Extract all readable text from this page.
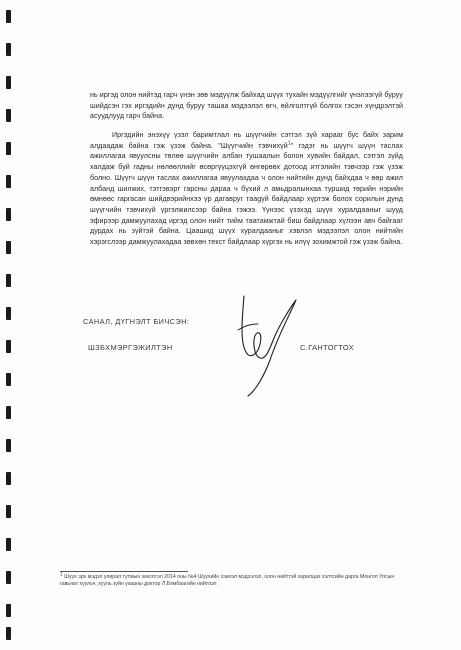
нь иргэд олон нийтэд гарч үнэн зөв мэдүүлж байхад шүүх тухайн мэдүүлгийг үнэлээгүй буруу шийдсэн гэх иргэдийн дунд буруу ташаа мэдээлэл өгч, өйлголтгүй болгох гэсэн хүндрэлтэй асуудлууд гарч байна.

Иргэдийн энэхүү үзэл баримтлал нь шүүгчийн сэтгэл зүй харааг бус байх зарим алдаадаж байна гэж үзэж байна. "Шүүгчийн тэвчихүй$^1$" гэдэг нь шүүгч шүүн таслах ажиллагаа явуулсны төлөө шүүгчийн албан тушаалын болон хувийн байдал, сэтгэл зүйд халдаж буй гадны нөлөөллийг өсөргүүцэхгүй өнгөрөөх дотоод итгэлийн тэвчээр гэж үзэж болно. Шүүгч шүүн таслах ажиллагаа явуулахдаа ч олон нийтийн дунд байхдаа ч өөр ажил албанд шилжих, тэтгэвэрт гарсны дараа ч бүхий л амьдралынхаа туршид төрийн нэрийн өмнөөс гаргасан шийдвэрийнхээ үр дагавруг тааgүй байдлаар хүртэж болох сорилын дунд шүүгчийн тэвчихүй үргэлжилсээр байна гэжээ. Үүнээс үзэхэд шүүх хуралдааныг шууд эфирээр дамжуулахад иргэд олон нийт тийм таатамжтай биш байдлаар хүлээн авч байгааг дурдах нь зүйтэй байна. Цаашид шүүх хуралдааныг хэвлэл мэдээлэл олон нийтийн хэрэгслээр дамжуулахадаа зөвхөн текст байдлаар хүргэх нь илүү зохимжтой гэж үзэж байна.

САНАЛ, ДҮГНЭЛТ БИЧСЭН:

ШЗБХМЭРГЭЖИЛТЭН	С.ГАНТОГТОХ

1 Шүүх эрх мэдэл улирал тутмын эмхэтгэл 2014 оны №4 Шүүхийн хэвлэл мэдээлэл, олон нийттэй харилцах хэлтсийн дарга Монгол Улсын гавьяат хуульч, хууль зүйн ухааны доктор Л.Бямбаагийн нийтлэл
